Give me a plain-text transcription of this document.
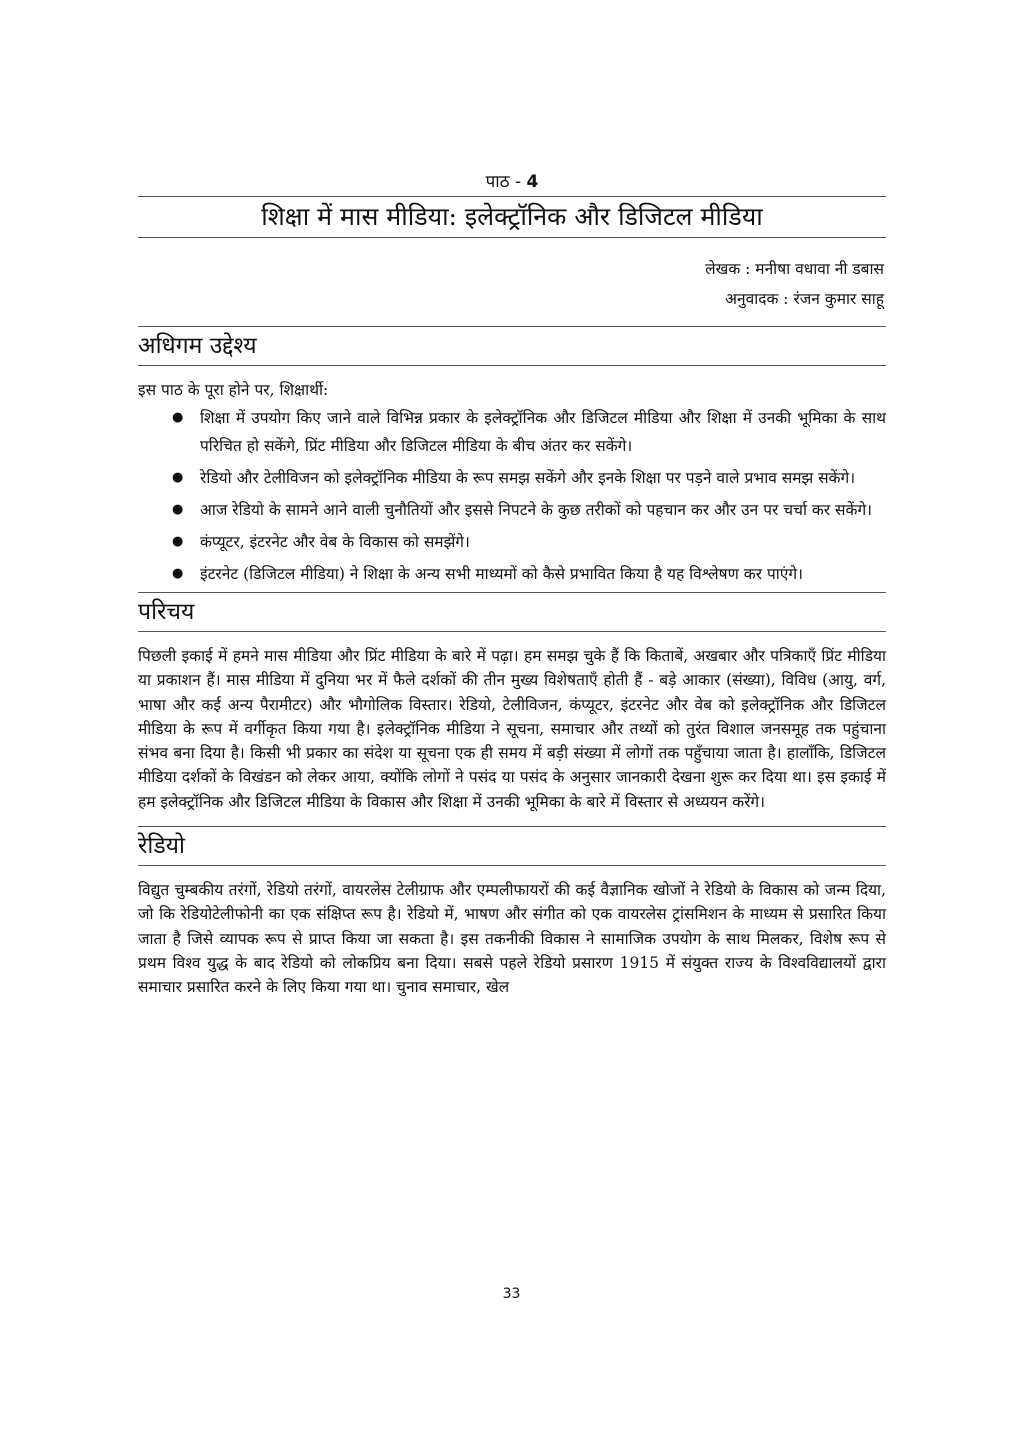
पाठ - 4
शिक्षा में मास मीडिया: इलेक्ट्रॉनिक और डिजिटल मीडिया
लेखक : मनीषा वधावा नी डबास
अनुवादक : रंजन कुमार साहू
अधिगम उद्देश्य

इस पाठ के पूरा होने पर, शिक्षार्थी:

● शिक्षा में उपयोग किए जाने वाले विभिन्न प्रकार के इलेक्ट्रॉनिक और डिजिटल मीडिया और शिक्षा में उनकी भूमिका के साथ परिचित हो सकेंगे, प्रिंट मीडिया और डिजिटल मीडिया के बीच अंतर कर सकेंगे।
● रेडियो और टेलीविजन को इलेक्ट्रॉनिक मीडिया के रूप समझ सकेंगे और इनके शिक्षा पर पड़ने वाले प्रभाव समझ सकेंगे।
● आज रेडियो के सामने आने वाली चुनौतियों और इससे निपटने के कुछ तरीकों को पहचान कर और उन पर चर्चा कर सकेंगे।
● कंप्यूटर, इंटरनेट और वेब के विकास को समझेंगे।
● इंटरनेट (डिजिटल मीडिया) ने शिक्षा के अन्य सभी माध्यमों को कैसे प्रभावित किया है यह विश्लेषण कर पाएंगे।
परिचय

पिछली इकाई में हमने मास मीडिया और प्रिंट मीडिया के बारे में पढ़ा। हम समझ चुके हैं कि किताबें, अखबार और पत्रिकाएँ प्रिंट मीडिया या प्रकाशन हैं। मास मीडिया में दुनिया भर में फैले दर्शकों की तीन मुख्य विशेषताएँ होती हैं - बड़े आकार (संख्या), विविध (आयु, वर्ग, भाषा और कई अन्य पैरामीटर) और भौगोलिक विस्तार। रेडियो, टेलीविजन, कंप्यूटर, इंटरनेट और वेब को इलेक्ट्रॉनिक और डिजिटल मीडिया के रूप में वर्गीकृत किया गया है। इलेक्ट्रॉनिक मीडिया ने सूचना, समाचार और तथ्यों को तुरंत विशाल जनसमूह तक पहुंचाना संभव बना दिया है। किसी भी प्रकार का संदेश या सूचना एक ही समय में बड़ी संख्या में लोगों तक पहुँचाया जाता है। हालाँकि, डिजिटल मीडिया दर्शकों के विखंडन को लेकर आया, क्योंकि लोगों ने पसंद या पसंद के अनुसार जानकारी देखना शुरू कर दिया था। इस इकाई में हम इलेक्ट्रॉनिक और डिजिटल मीडिया के विकास और शिक्षा में उनकी भूमिका के बारे में विस्तार से अध्ययन करेंगे।

रेडियो

विद्युत चुम्बकीय तरंगों, रेडियो तरंगों, वायरलेस टेलीग्राफ और एम्पलीफायरों की कई वैज्ञानिक खोजों ने रेडियो के विकास को जन्म दिया, जो कि रेडियोटेलीफोनी का एक संक्षिप्त रूप है। रेडियो में, भाषण और संगीत को एक वायरलेस ट्रांसमिशन के माध्यम से प्रसारित किया जाता है जिसे व्यापक रूप से प्राप्त किया जा सकता है। इस तकनीकी विकास ने सामाजिक उपयोग के साथ मिलकर, विशेष रूप से प्रथम विश्व युद्ध के बाद रेडियो को लोकप्रिय बना दिया। सबसे पहले रेडियो प्रसारण 1915 में संयुक्त राज्य के विश्वविद्यालयों द्वारा समाचार प्रसारित करने के लिए किया गया था। चुनाव समाचार, खेल

33
